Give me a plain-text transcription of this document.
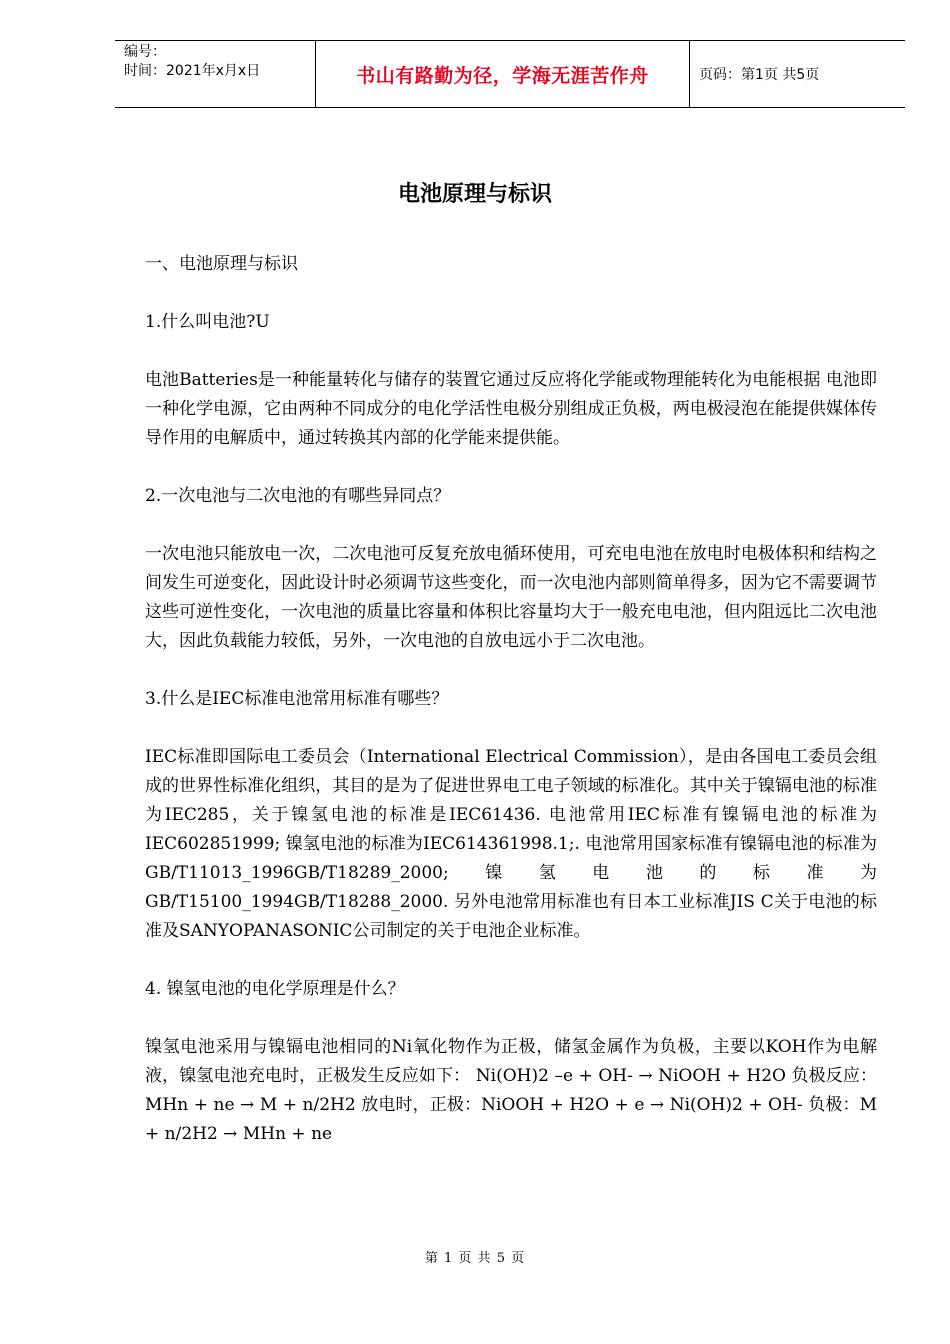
编号：
时间：2021年x月x日	书山有路勤为径，学海无涯苦作舟	页码：第1页 共5页
电池原理与标识

一、电池原理与标识

1.什么叫电池?U

电池Batteries是一种能量转化与储存的装置它通过反应将化学能或物理能转化为电能根据 电池即一种化学电源，它由两种不同成分的电化学活性电极分别组成正负极，两电极浸泡在能提供媒体传导作用的电解质中，通过转换其内部的化学能来提供能。

2.一次电池与二次电池的有哪些异同点？

一次电池只能放电一次，二次电池可反复充放电循环使用，可充电电池在放电时电极体积和结构之间发生可逆变化，因此设计时必须调节这些变化，而一次电池内部则简单得多，因为它不需要调节这些可逆性变化，一次电池的质量比容量和体积比容量均大于一般充电电池，但内阻远比二次电池大，因此负载能力较低，另外，一次电池的自放电远小于二次电池。

3.什么是IEC标准电池常用标准有哪些？

IEC标准即国际电工委员会（International Electrical Commission），是由各国电工委员会组成的世界性标准化组织，其目的是为了促进世界电工电子领域的标准化。其中关于镍镉电池的标准为IEC285，关于镍氢电池的标准是IEC61436. 电池常用IEC标准有镍镉电池的标准为IEC602851999; 镍氢电池的标准为IEC614361998.1;. 电池常用国家标准有镍镉电池的标准为GB/T11013_1996GB/T18289_2000;镍氢电池的标准为GB/T15100_1994GB/T18288_2000. 另外电池常用标准也有日本工业标准JIS C关于电池的标准及SANYOPANASONIC公司制定的关于电池企业标准。

4. 镍氢电池的电化学原理是什么？

镍氢电池采用与镍镉电池相同的Ni氧化物作为正极，储氢金属作为负极，主要以KOH作为电解液，镍氢电池充电时，正极发生反应如下： Ni(OH)2 –e + OH- → NiOOH + H2O 负极反应：MHn + ne → M + n/2H2 放电时，正极：NiOOH + H2O + e → Ni(OH)2 + OH- 负极：M + n/2H2 → MHn + ne

第 1 页 共 5 页
